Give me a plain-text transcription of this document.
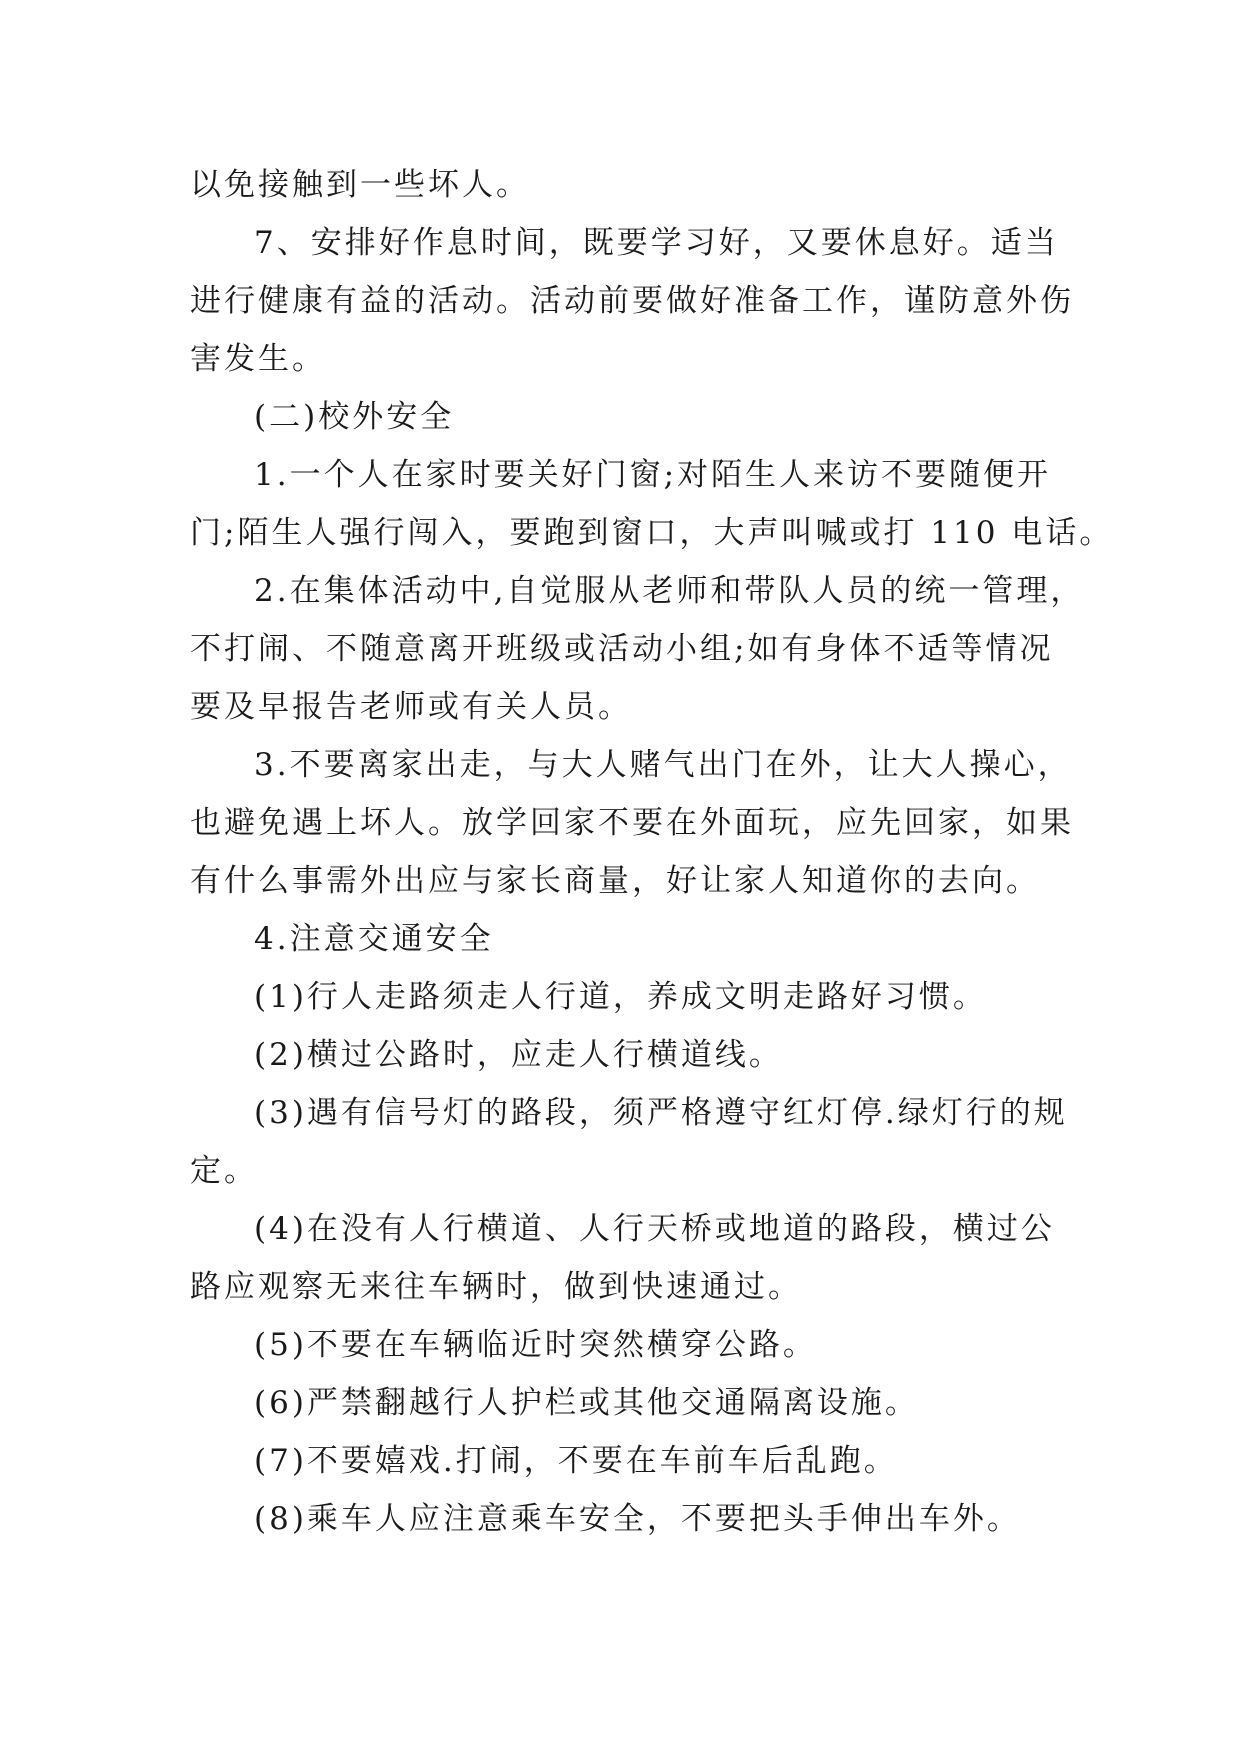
以免接触到一些坏人。

7、安排好作息时间，既要学习好，又要休息好。适当
进行健康有益的活动。活动前要做好准备工作，谨防意外伤
害发生。

(二)校外安全

1.一个人在家时要关好门窗;对陌生人来访不要随便开
门;陌生人强行闯入，要跑到窗口，大声叫喊或打 110 电话。

2.在集体活动中,自觉服从老师和带队人员的统一管理，
不打闹、不随意离开班级或活动小组;如有身体不适等情况
要及早报告老师或有关人员。

3.不要离家出走，与大人赌气出门在外，让大人操心，
也避免遇上坏人。放学回家不要在外面玩，应先回家，如果
有什么事需外出应与家长商量，好让家人知道你的去向。

4.注意交通安全

(1)行人走路须走人行道，养成文明走路好习惯。

(2)横过公路时，应走人行横道线。

(3)遇有信号灯的路段，须严格遵守红灯停.绿灯行的规
定。

(4)在没有人行横道、人行天桥或地道的路段，横过公
路应观察无来往车辆时，做到快速通过。

(5)不要在车辆临近时突然横穿公路。

(6)严禁翻越行人护栏或其他交通隔离设施。

(7)不要嬉戏.打闹，不要在车前车后乱跑。

(8)乘车人应注意乘车安全，不要把头手伸出车外。
